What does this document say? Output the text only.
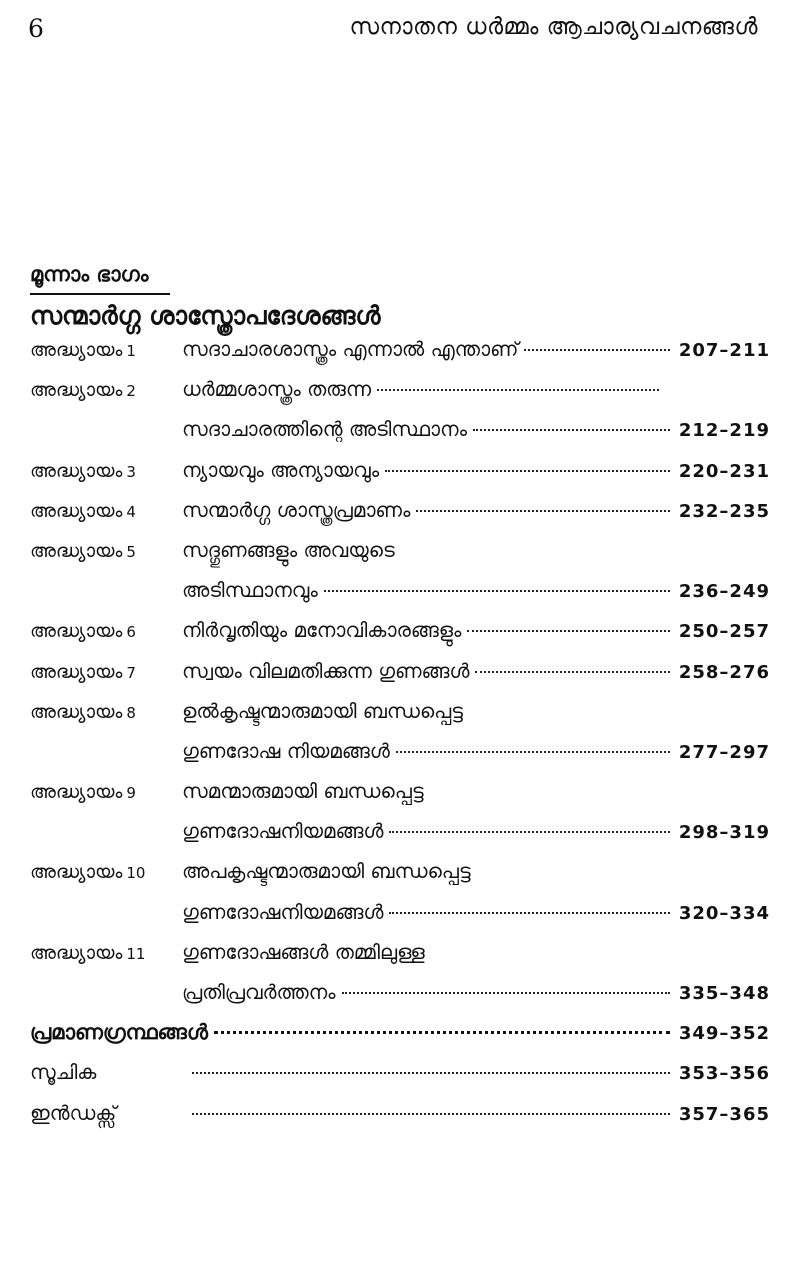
6	സനാതന ധർമ്മം ആചാര്യവചനങ്ങൾ
മൂന്നാം ഭാഗം
സന്മാർഗ്ഗ ശാസ്ത്രോപദേശങ്ങൾ
അദ്ധ്യായം 1	സദാചാരശാസ്ത്രം എന്നാൽ എന്താണ്	207–211
അദ്ധ്യായം 2	ധർമ്മശാസ്ത്രം തരുന്ന
സദാചാരത്തിന്റെ അടിസ്ഥാനം	212–219
അദ്ധ്യായം 3	ന്യായവും അന്യായവും	220–231
അദ്ധ്യായം 4	സന്മാർഗ്ഗ ശാസ്ത്രപ്രമാണം	232–235
അദ്ധ്യായം 5	സദ്ഗുണങ്ങളും അവയുടെ
അടിസ്ഥാനവും	236–249
അദ്ധ്യായം 6	നിർവൃതിയും മനോവികാരങ്ങളും	250–257
അദ്ധ്യായം 7	സ്വയം വിലമതിക്കുന്ന ഗുണങ്ങൾ	258–276
അദ്ധ്യായം 8	ഉൽകൃഷ്ടന്മാരുമായി ബന്ധപ്പെട്ട
ഗുണദോഷ നിയമങ്ങൾ	277–297
അദ്ധ്യായം 9	സമന്മാരുമായി ബന്ധപ്പെട്ട
ഗുണദോഷനിയമങ്ങൾ	298–319
അദ്ധ്യായം 10	അപകൃഷ്ടന്മാരുമായി ബന്ധപ്പെട്ട
ഗുണദോഷനിയമങ്ങൾ	320–334
അദ്ധ്യായം 11	ഗുണദോഷങ്ങൾ തമ്മിലുള്ള
പ്രതിപ്രവർത്തനം	335–348
പ്രമാണഗ്രന്ഥങ്ങൾ	349–352
സൂചിക	353–356
ഇൻഡക്സ്	357–365
